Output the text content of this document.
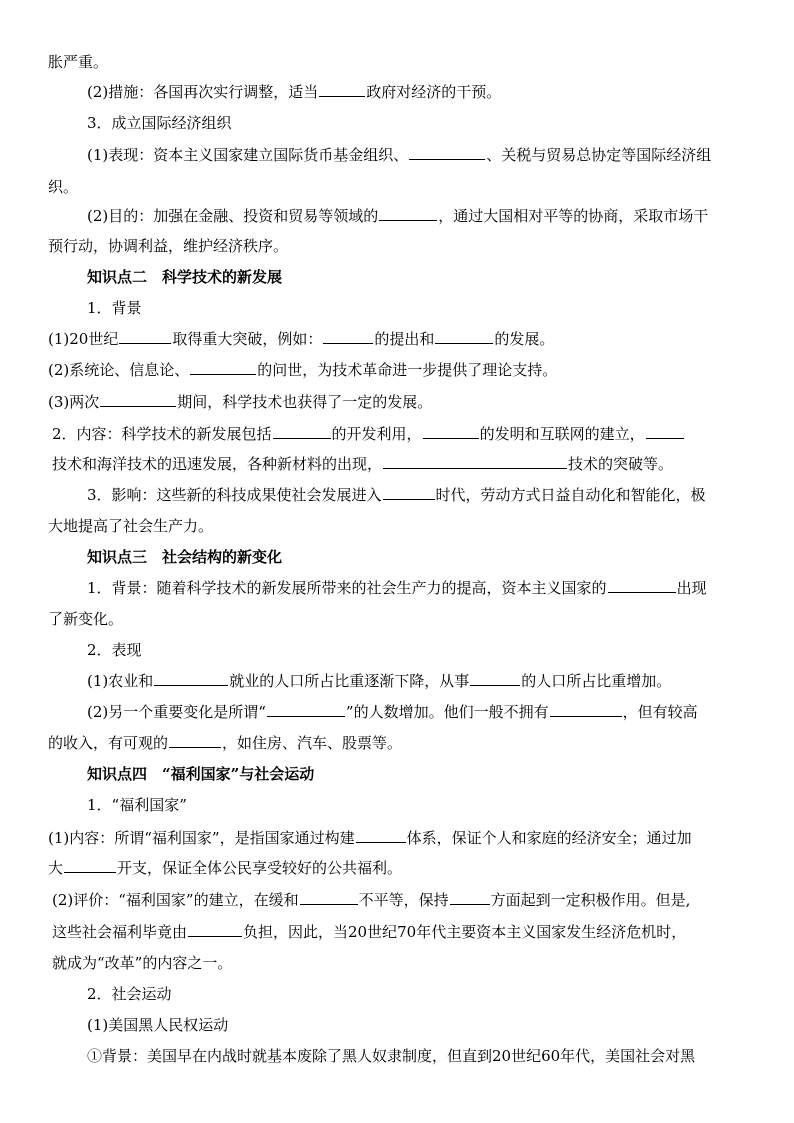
胀严重。
(2)措施：各国再次实行调整，适当	政府对经济的干预。
3．成立国际经济组织
(1)表现：资本主义国家建立国际货币基金组织、	、关税与贸易总协定等国际经济组
织。
(2)目的：加强在金融、投资和贸易等领域的	，通过大国相对平等的协商，采取市场干
预行动，协调利益，维护经济秩序。
知识点二　科学技术的新发展
1．背景
(1)20世纪	取得重大突破，例如：	的提出和	的发展。
(2)系统论、信息论、	的问世，为技术革命进一步提供了理论支持。
(3)两次	期间，科学技术也获得了一定的发展。
2．内容：科学技术的新发展包括	的开发利用，	的发明和互联网的建立，
技术和海洋技术的迅速发展，各种新材料的出现，	技术的突破等。
3．影响：这些新的科技成果使社会发展进入	时代，劳动方式日益自动化和智能化，极
大地提高了社会生产力。
知识点三　社会结构的新变化
1．背景：随着科学技术的新发展所带来的社会生产力的提高，资本主义国家的	出现
了新变化。
2．表现
(1)农业和	就业的人口所占比重逐渐下降，从事	的人口所占比重增加。
(2)另一个重要变化是所谓“	”的人数增加。他们一般不拥有	，但有较高
的收入，有可观的	，如住房、汽车、股票等。
知识点四　“福利国家”与社会运动
1．“福利国家”
(1)内容：所谓“福利国家”，是指国家通过构建	体系，保证个人和家庭的经济安全；通过加
大	开支，保证全体公民享受较好的公共福利。
(2)评价：“福利国家”的建立，在缓和	不平等，保持	方面起到一定积极作用。但是,
这些社会福利毕竟由	负担，因此，当20世纪70年代主要资本主义国家发生经济危机时，
就成为“改革”的内容之一。
2．社会运动
(1)美国黑人民权运动
①背景：美国早在内战时就基本废除了黑人奴隶制度，但直到20世纪60年代，美国社会对黑
